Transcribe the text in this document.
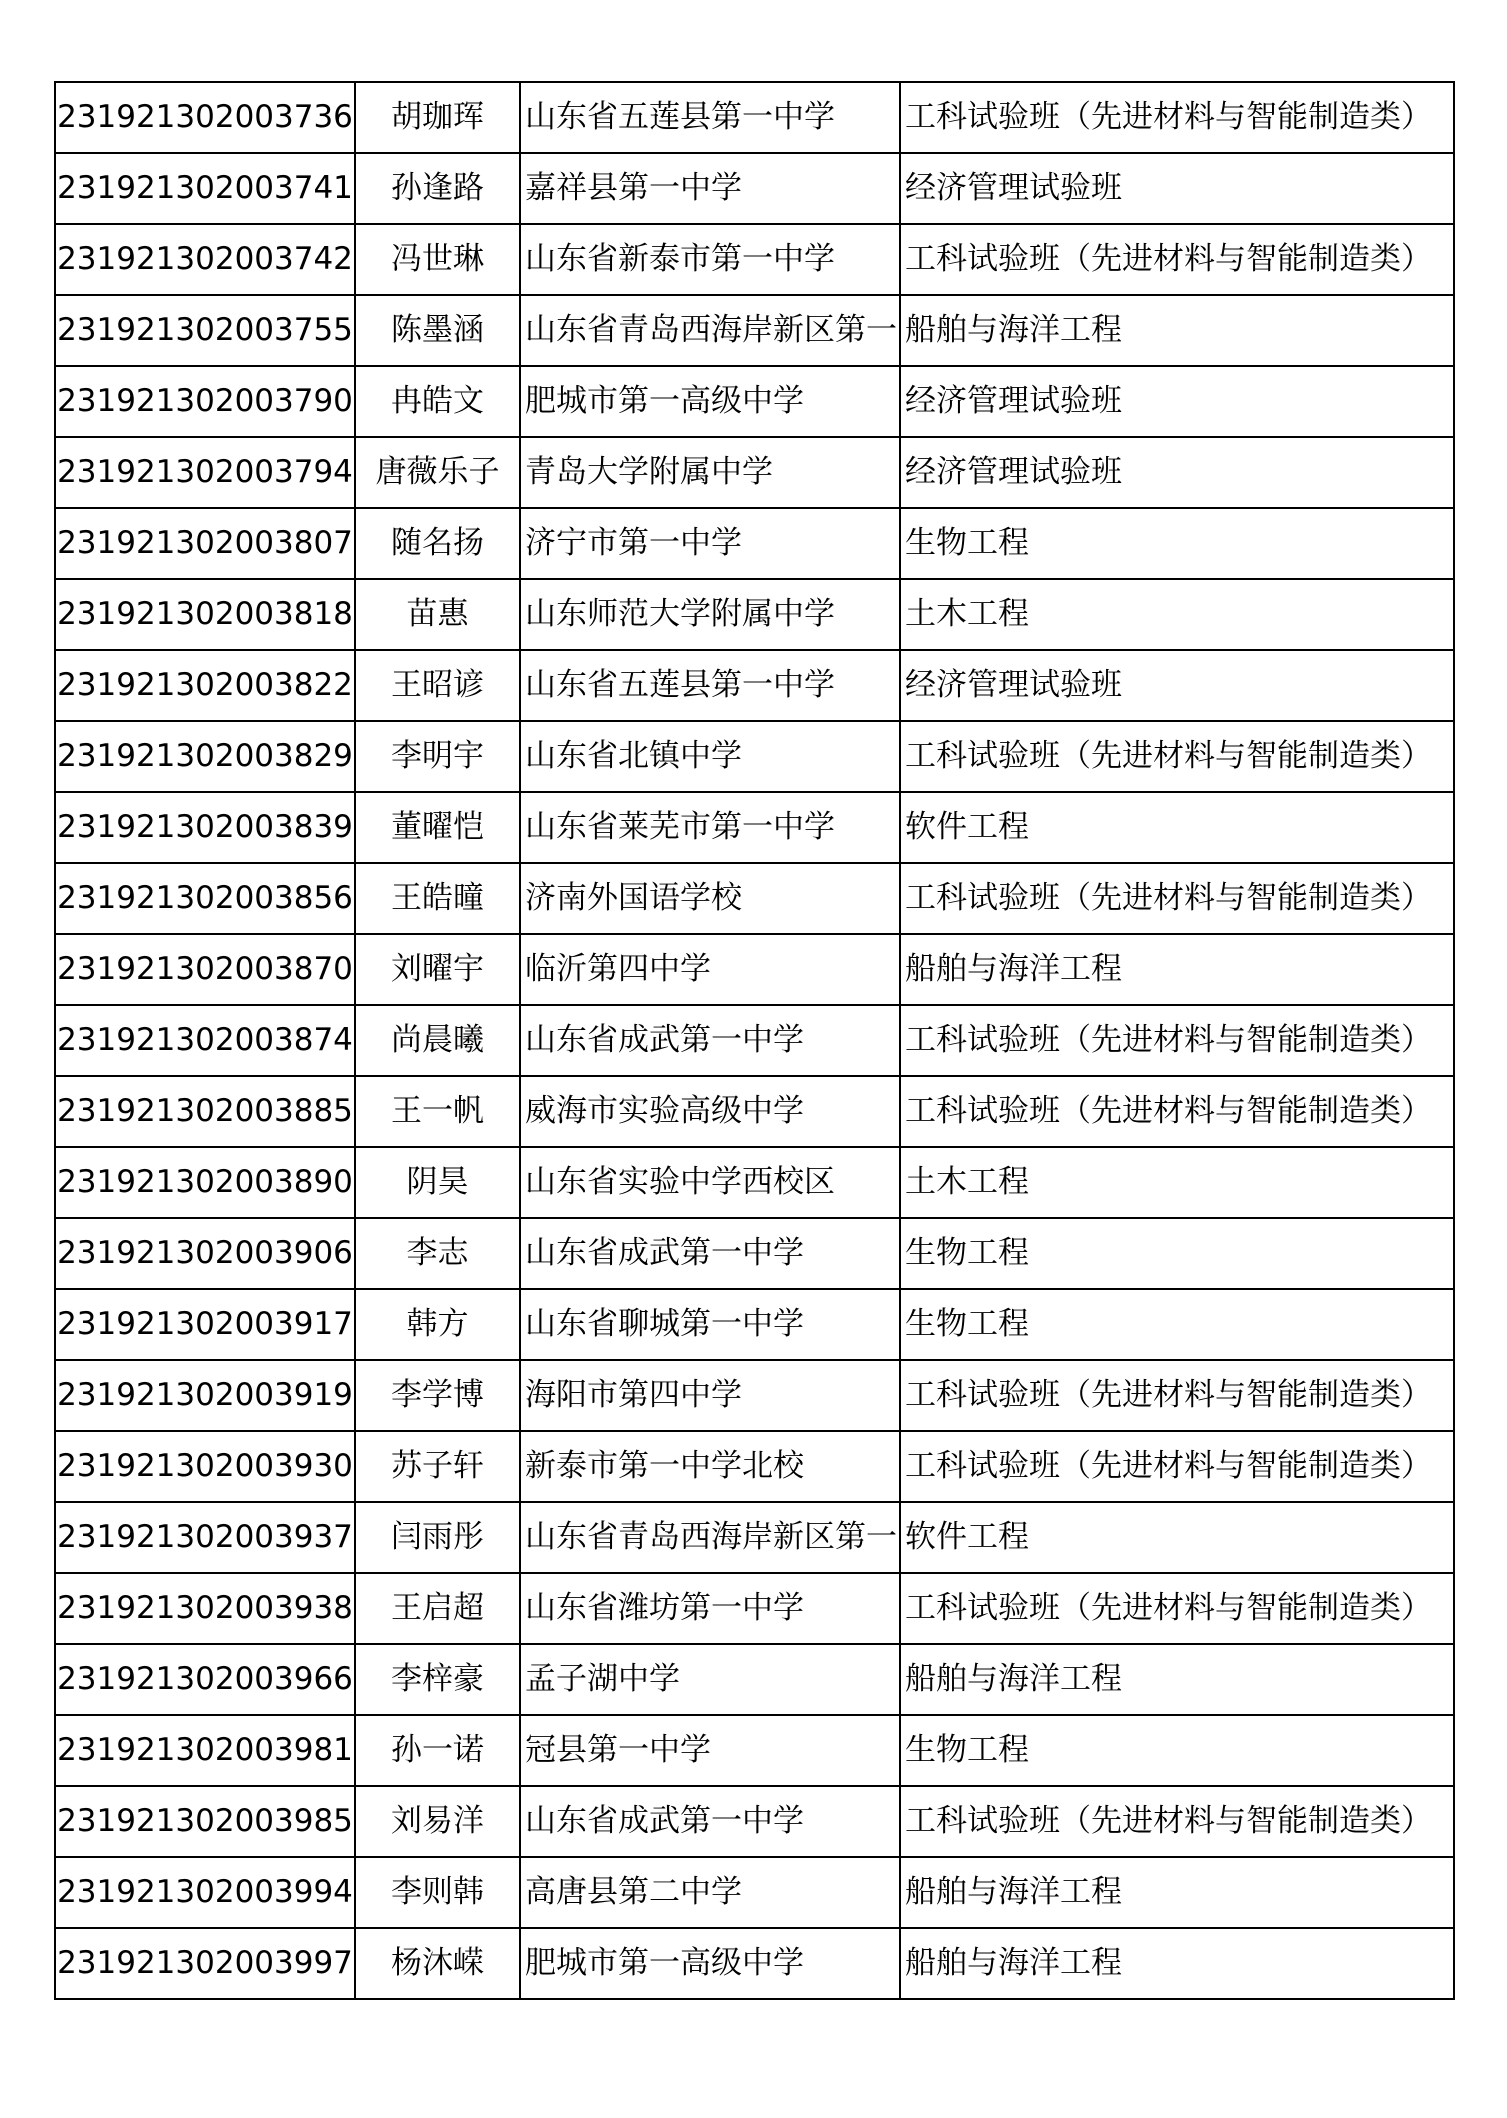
231921302003736	胡珈珲	山东省五莲县第一中学	工科试验班（先进材料与智能制造类）
231921302003741	孙逢路	嘉祥县第一中学	经济管理试验班
231921302003742	冯世琳	山东省新泰市第一中学	工科试验班（先进材料与智能制造类）
231921302003755	陈墨涵	山东省青岛西海岸新区第一	船舶与海洋工程
231921302003790	冉皓文	肥城市第一高级中学	经济管理试验班
231921302003794	唐薇乐子	青岛大学附属中学	经济管理试验班
231921302003807	随名扬	济宁市第一中学	生物工程
231921302003818	苗惠	山东师范大学附属中学	土木工程
231921302003822	王昭谚	山东省五莲县第一中学	经济管理试验班
231921302003829	李明宇	山东省北镇中学	工科试验班（先进材料与智能制造类）
231921302003839	董曜恺	山东省莱芜市第一中学	软件工程
231921302003856	王皓曈	济南外国语学校	工科试验班（先进材料与智能制造类）
231921302003870	刘曜宇	临沂第四中学	船舶与海洋工程
231921302003874	尚晨曦	山东省成武第一中学	工科试验班（先进材料与智能制造类）
231921302003885	王一帆	威海市实验高级中学	工科试验班（先进材料与智能制造类）
231921302003890	阴昊	山东省实验中学西校区	土木工程
231921302003906	李志	山东省成武第一中学	生物工程
231921302003917	韩方	山东省聊城第一中学	生物工程
231921302003919	李学博	海阳市第四中学	工科试验班（先进材料与智能制造类）
231921302003930	苏子轩	新泰市第一中学北校	工科试验班（先进材料与智能制造类）
231921302003937	闫雨彤	山东省青岛西海岸新区第一	软件工程
231921302003938	王启超	山东省潍坊第一中学	工科试验班（先进材料与智能制造类）
231921302003966	李梓豪	孟子湖中学	船舶与海洋工程
231921302003981	孙一诺	冠县第一中学	生物工程
231921302003985	刘易洋	山东省成武第一中学	工科试验班（先进材料与智能制造类）
231921302003994	李则韩	高唐县第二中学	船舶与海洋工程
231921302003997	杨沐嵘	肥城市第一高级中学	船舶与海洋工程
